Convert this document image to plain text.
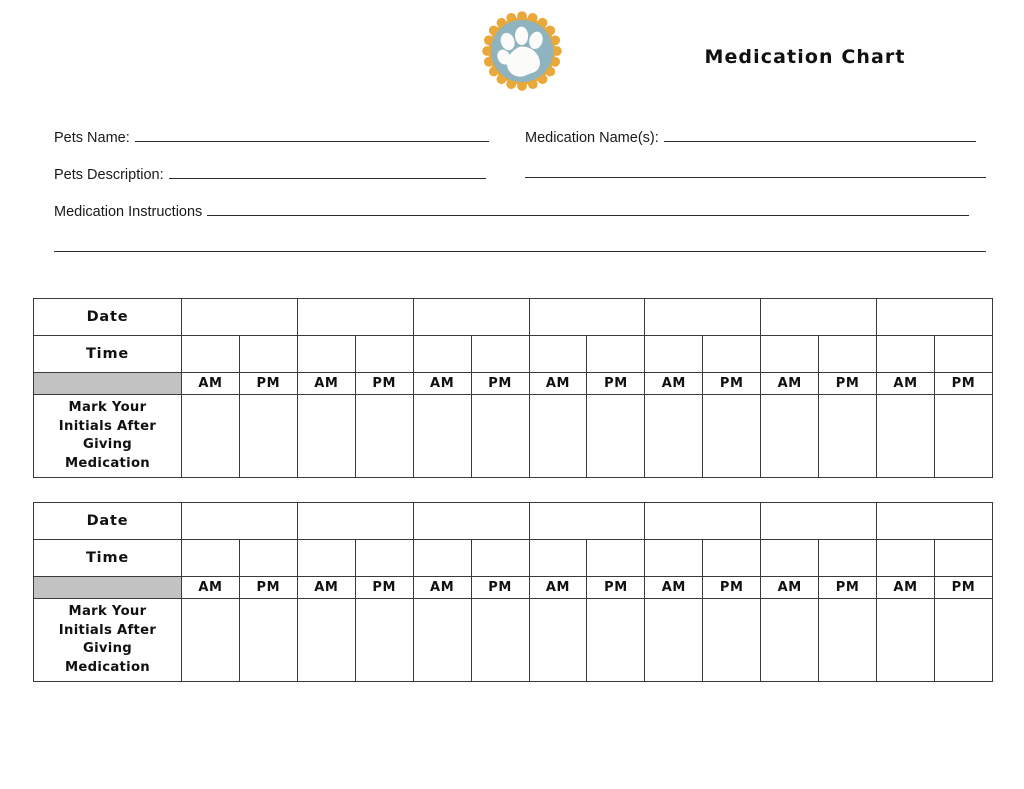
Medication Chart
Pets Name:
Pets Description:
Medication Instructions
Medication Name(s):
Date														
Time														
	AM	PM	AM	PM	AM	PM	AM	PM	AM	PM	AM	PM	AM	PM

Mark Your
Initials After
Giving
Medication														

Date														
Time														
	AM	PM	AM	PM	AM	PM	AM	PM	AM	PM	AM	PM	AM	PM

Mark Your
Initials After
Giving
Medication														
